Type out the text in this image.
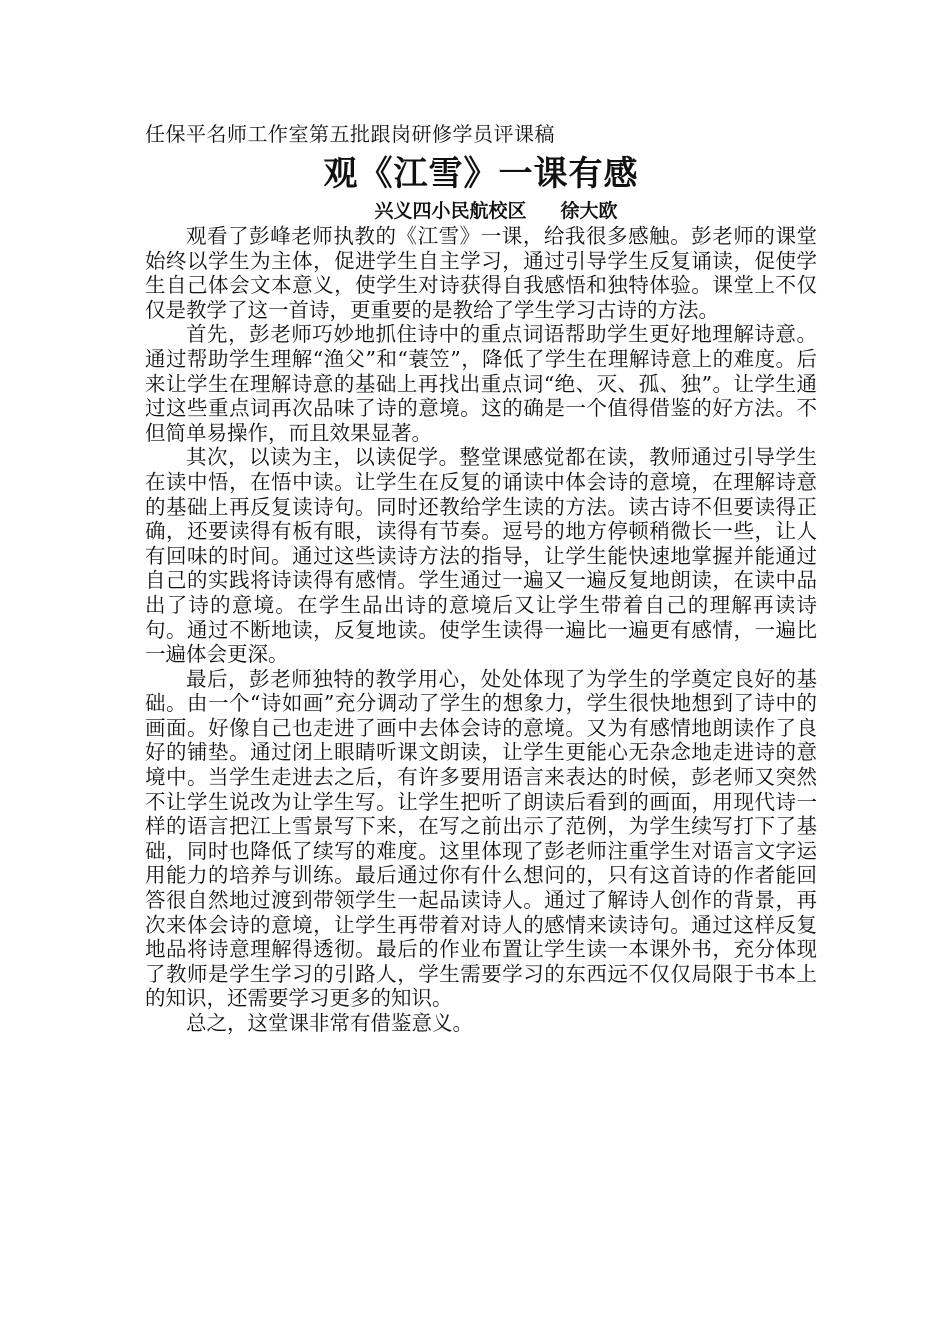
任保平名师工作室第五批跟岗研修学员评课稿

观《江雪》一课有感

兴义四小民航校区 徐大欧

观看了彭峰老师执教的《江雪》一课，给我很多感触。彭老师的课堂始终以学生为主体，促进学生自主学习，通过引导学生反复诵读，促使学生自己体会文本意义，使学生对诗获得自我感悟和独特体验。课堂上不仅仅是教学了这一首诗，更重要的是教给了学生学习古诗的方法。

首先，彭老师巧妙地抓住诗中的重点词语帮助学生更好地理解诗意。通过帮助学生理解“渔父”和“蓑笠”，降低了学生在理解诗意上的难度。后来让学生在理解诗意的基础上再找出重点词“绝、灭、孤、独”。让学生通过这些重点词再次品味了诗的意境。这的确是一个值得借鉴的好方法。不但简单易操作，而且效果显著。

其次，以读为主，以读促学。整堂课感觉都在读，教师通过引导学生在读中悟，在悟中读。让学生在反复的诵读中体会诗的意境，在理解诗意的基础上再反复读诗句。同时还教给学生读的方法。读古诗不但要读得正确，还要读得有板有眼，读得有节奏。逗号的地方停顿稍微长一些，让人有回味的时间。通过这些读诗方法的指导，让学生能快速地掌握并能通过自己的实践将诗读得有感情。学生通过一遍又一遍反复地朗读，在读中品出了诗的意境。在学生品出诗的意境后又让学生带着自己的理解再读诗句。通过不断地读，反复地读。使学生读得一遍比一遍更有感情，一遍比一遍体会更深。

最后，彭老师独特的教学用心，处处体现了为学生的学奠定良好的基础。由一个“诗如画”充分调动了学生的想象力，学生很快地想到了诗中的画面。好像自己也走进了画中去体会诗的意境。又为有感情地朗读作了良好的铺垫。通过闭上眼睛听课文朗读，让学生更能心无杂念地走进诗的意境中。当学生走进去之后，有许多要用语言来表达的时候，彭老师又突然不让学生说改为让学生写。让学生把听了朗读后看到的画面，用现代诗一样的语言把江上雪景写下来，在写之前出示了范例，为学生续写打下了基础，同时也降低了续写的难度。这里体现了彭老师注重学生对语言文字运用能力的培养与训练。最后通过你有什么想问的，只有这首诗的作者能回答很自然地过渡到带领学生一起品读诗人。通过了解诗人创作的背景，再次来体会诗的意境，让学生再带着对诗人的感情来读诗句。通过这样反复地品将诗意理解得透彻。最后的作业布置让学生读一本课外书，充分体现了教师是学生学习的引路人，学生需要学习的东西远不仅仅局限于书本上的知识，还需要学习更多的知识。

总之，这堂课非常有借鉴意义。
